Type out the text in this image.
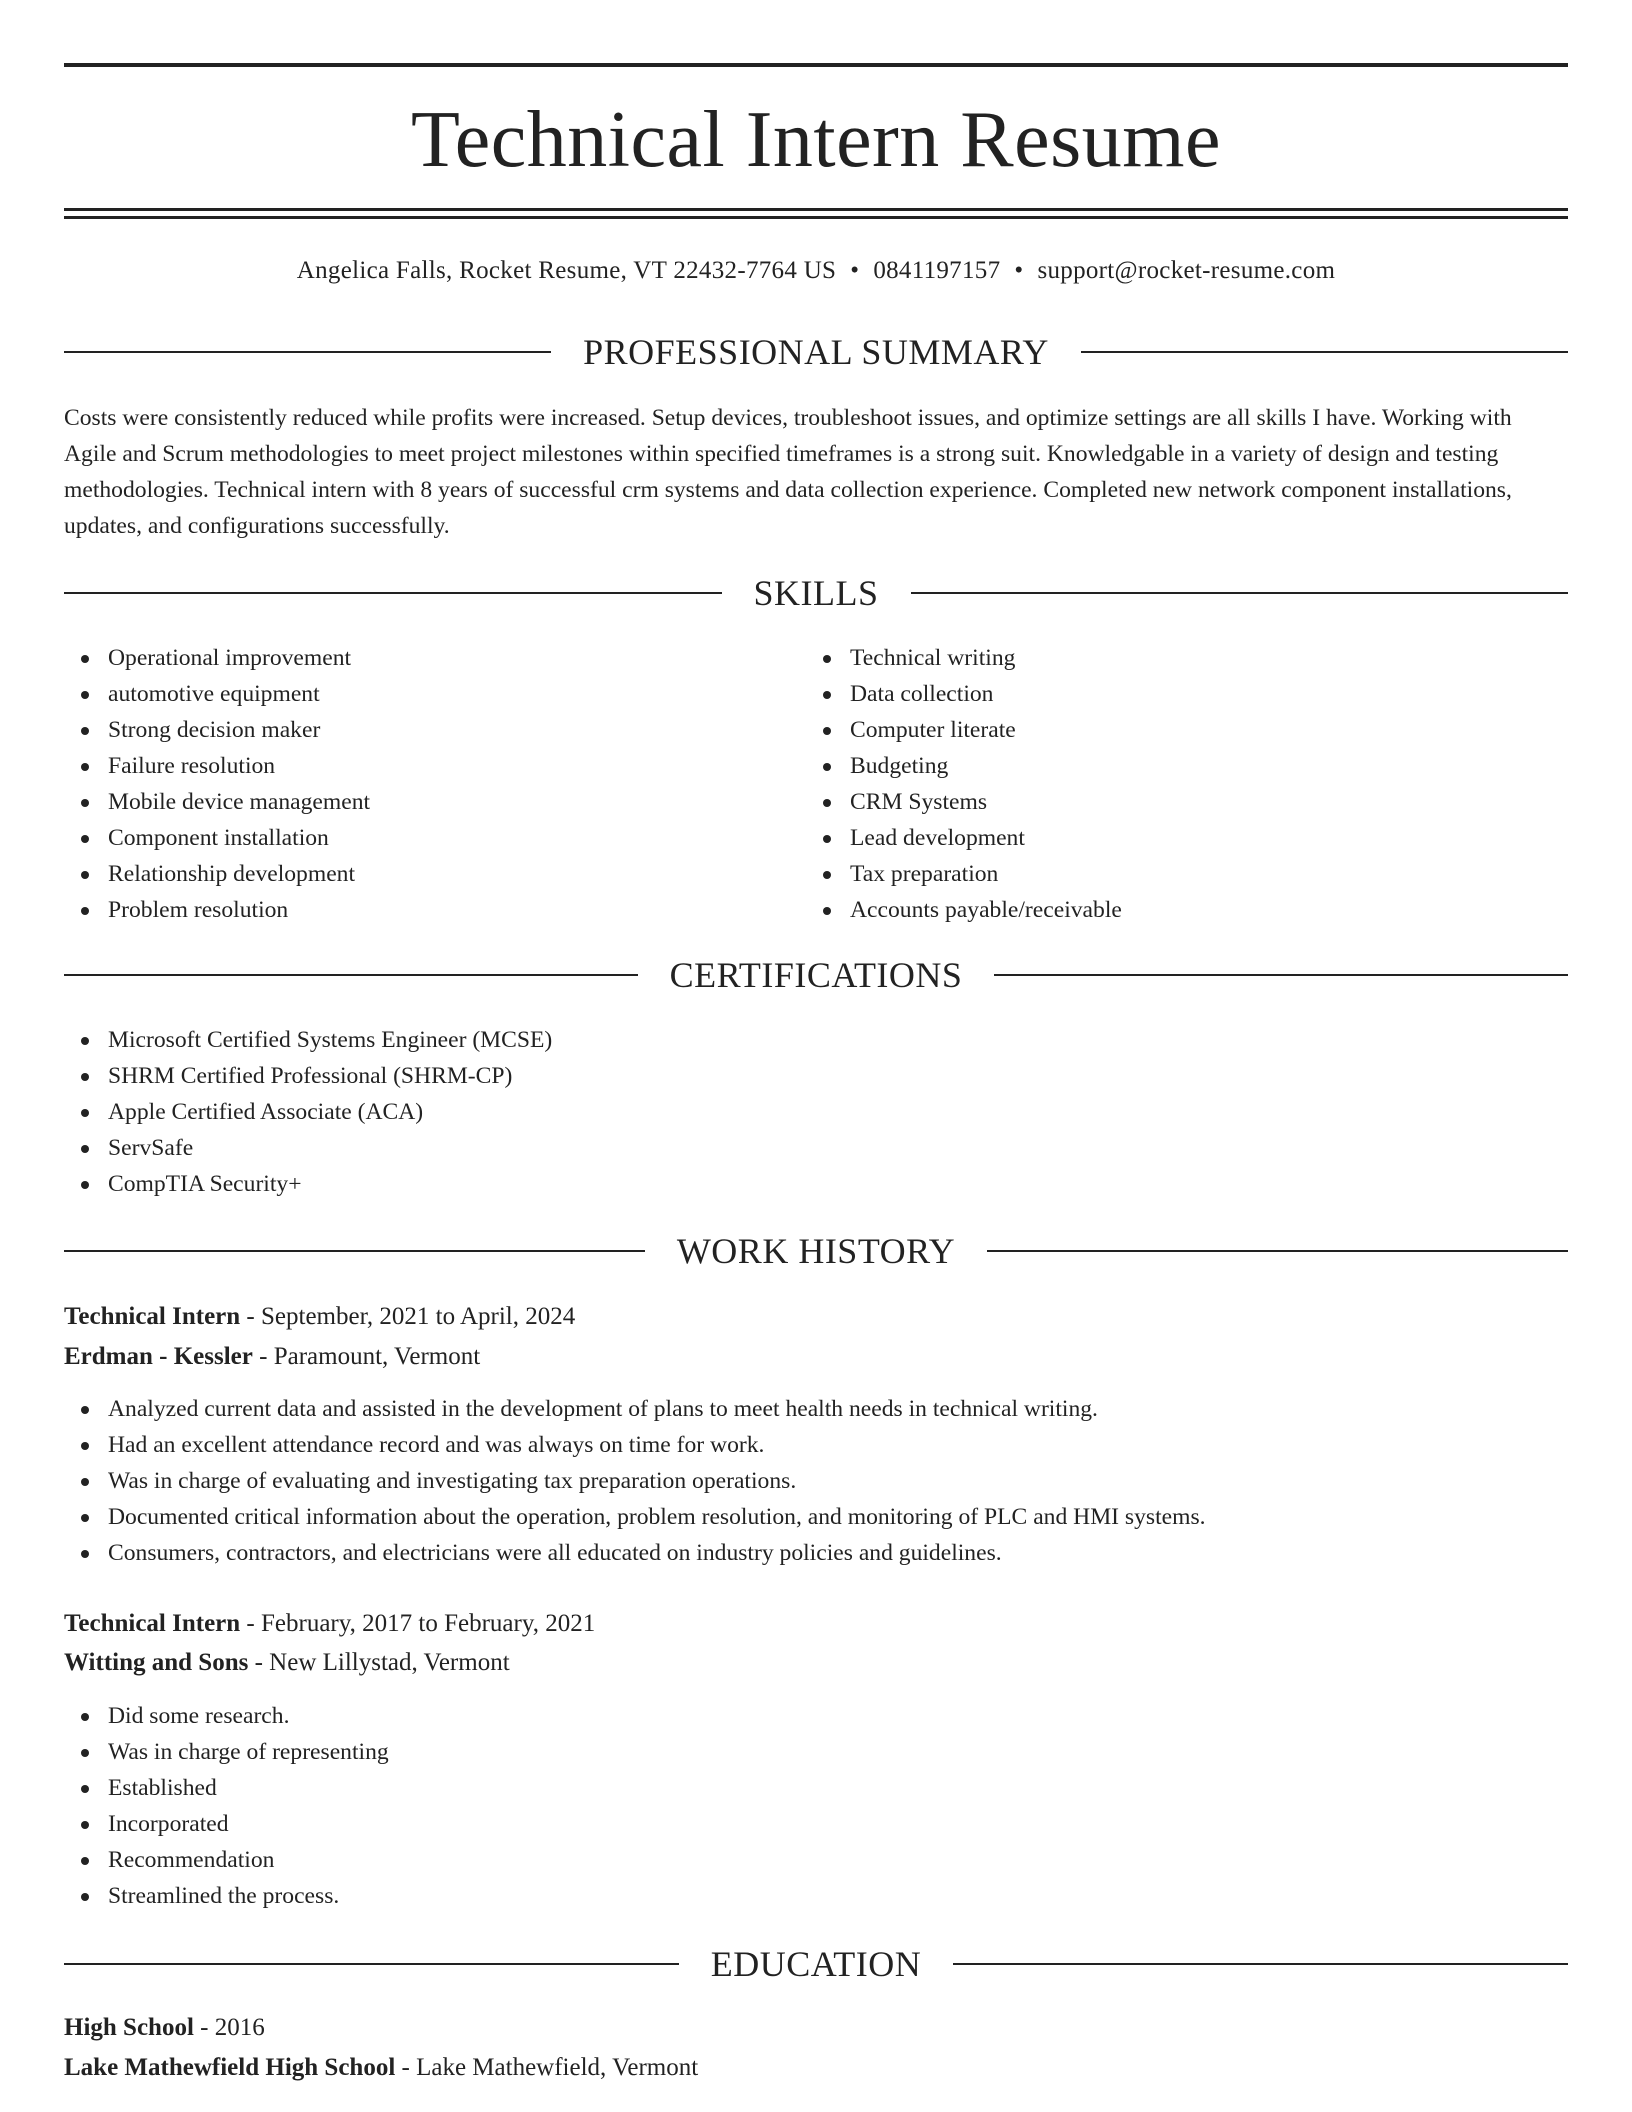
Technical Intern Resume
Angelica Falls, Rocket Resume, VT 22432-7764 US • 0841197157 • support@rocket-resume.com
PROFESSIONAL SUMMARY
Costs were consistently reduced while profits were increased. Setup devices, troubleshoot issues, and optimize settings are all skills I have. Working with Agile and Scrum methodologies to meet project milestones within specified timeframes is a strong suit. Knowledgable in a variety of design and testing methodologies. Technical intern with 8 years of successful crm systems and data collection experience. Completed new network component installations, updates, and configurations successfully.
SKILLS
Operational improvement
automotive equipment
Strong decision maker
Failure resolution
Mobile device management
Component installation
Relationship development
Problem resolution
Technical writing
Data collection
Computer literate
Budgeting
CRM Systems
Lead development
Tax preparation
Accounts payable/receivable
CERTIFICATIONS
Microsoft Certified Systems Engineer (MCSE)
SHRM Certified Professional (SHRM-CP)
Apple Certified Associate (ACA)
ServSafe
CompTIA Security+
WORK HISTORY
Technical Intern - September, 2021 to April, 2024
Erdman - Kessler - Paramount, Vermont
Analyzed current data and assisted in the development of plans to meet health needs in technical writing.
Had an excellent attendance record and was always on time for work.
Was in charge of evaluating and investigating tax preparation operations.
Documented critical information about the operation, problem resolution, and monitoring of PLC and HMI systems.
Consumers, contractors, and electricians were all educated on industry policies and guidelines.
Technical Intern - February, 2017 to February, 2021
Witting and Sons - New Lillystad, Vermont
Did some research.
Was in charge of representing
Established
Incorporated
Recommendation
Streamlined the process.
EDUCATION
High School - 2016
Lake Mathewfield High School - Lake Mathewfield, Vermont
